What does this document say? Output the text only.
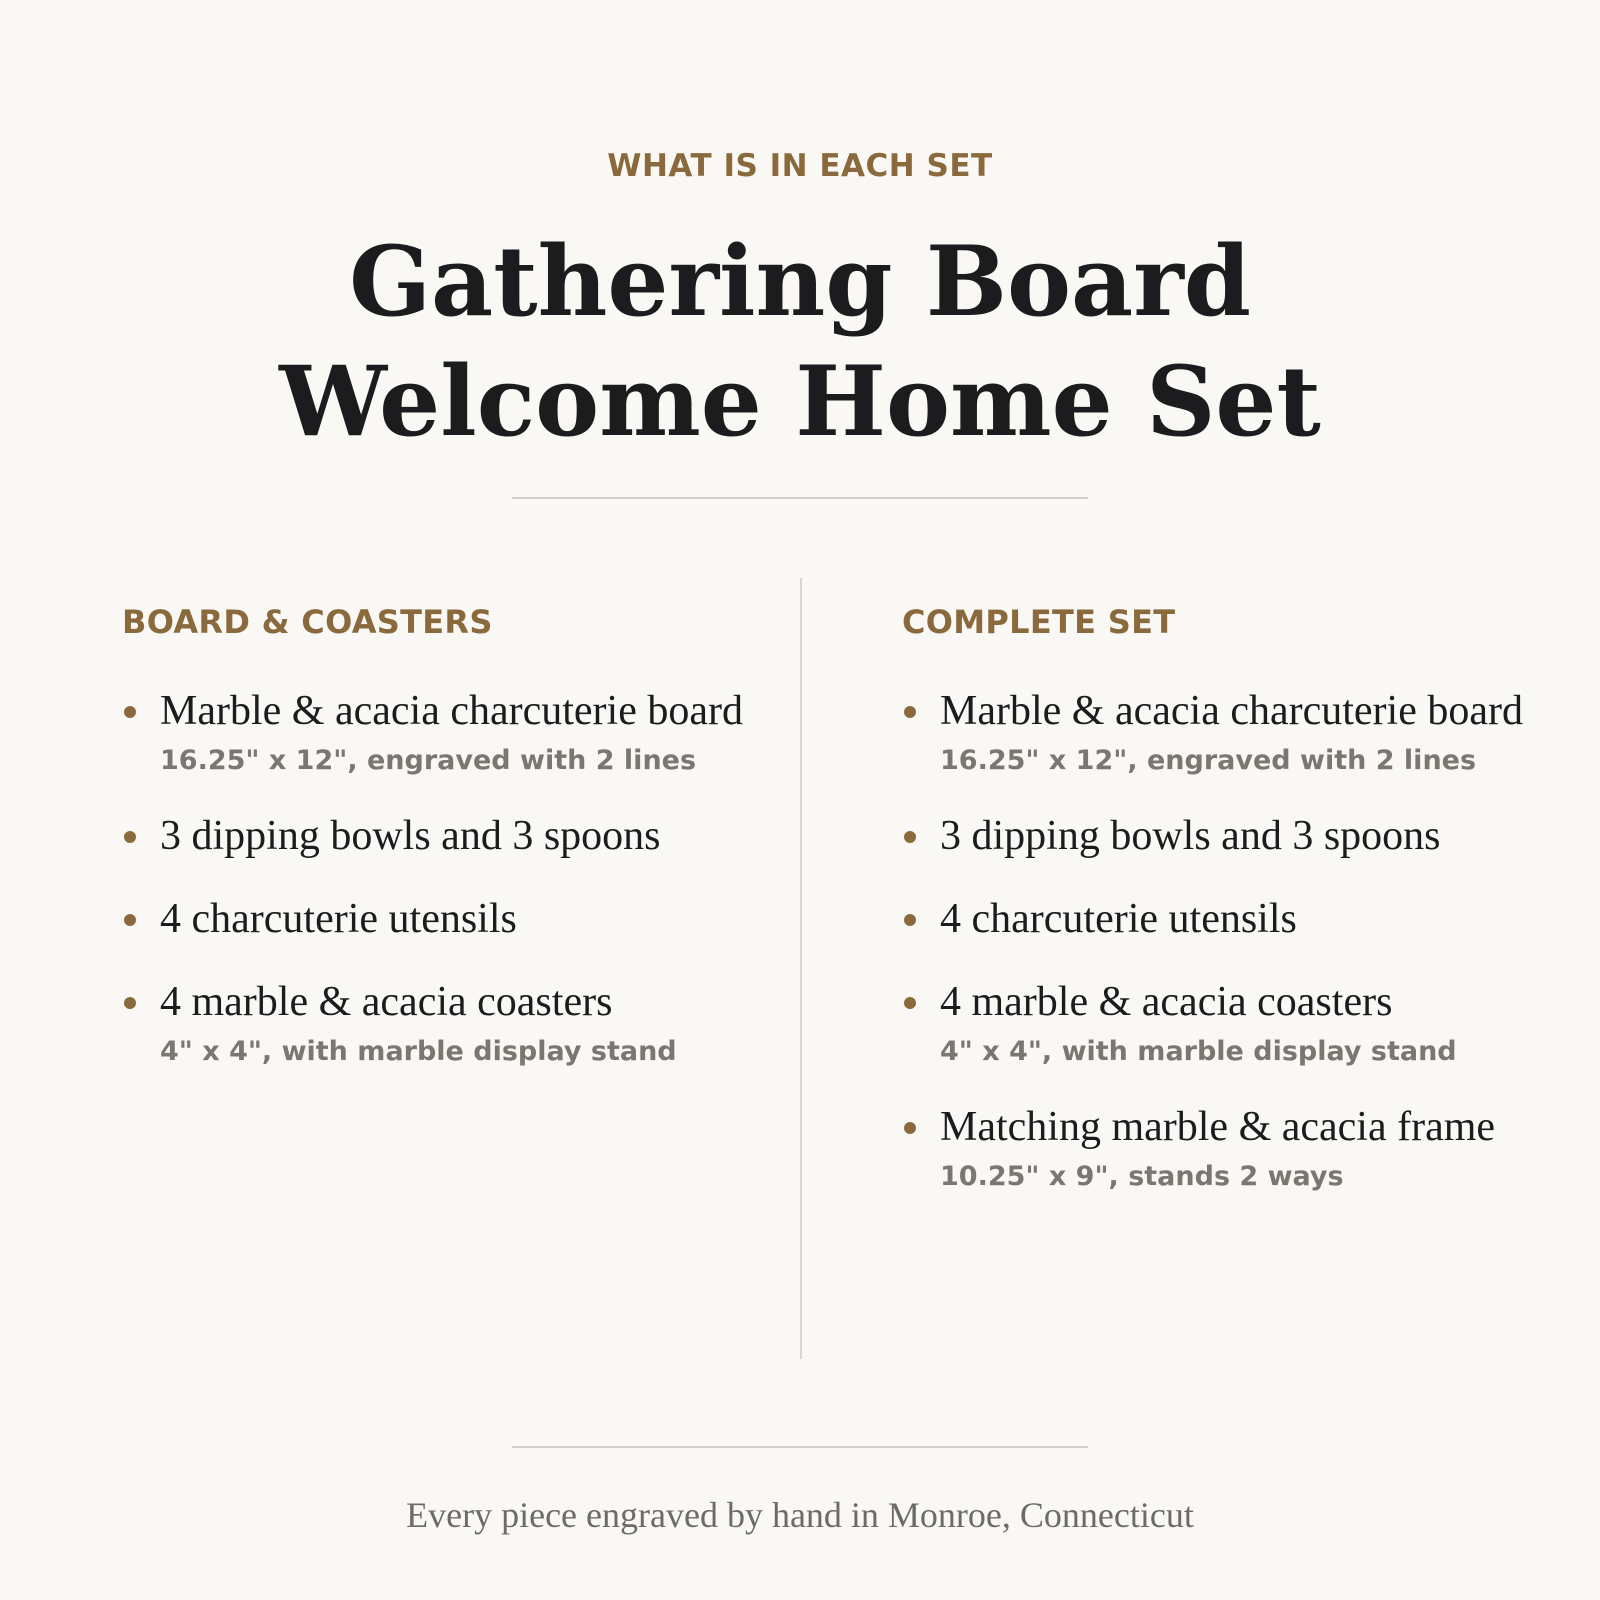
WHAT IS IN EACH SET
Gathering Board
Welcome Home Set
BOARD & COASTERS
Marble & acacia charcuterie board
16.25" x 12", engraved with 2 lines
3 dipping bowls and 3 spoons
4 charcuterie utensils
4 marble & acacia coasters
4" x 4", with marble display stand
COMPLETE SET
Marble & acacia charcuterie board
16.25" x 12", engraved with 2 lines
3 dipping bowls and 3 spoons
4 charcuterie utensils
4 marble & acacia coasters
4" x 4", with marble display stand
Matching marble & acacia frame
10.25" x 9", stands 2 ways

Every piece engraved by hand in Monroe, Connecticut
